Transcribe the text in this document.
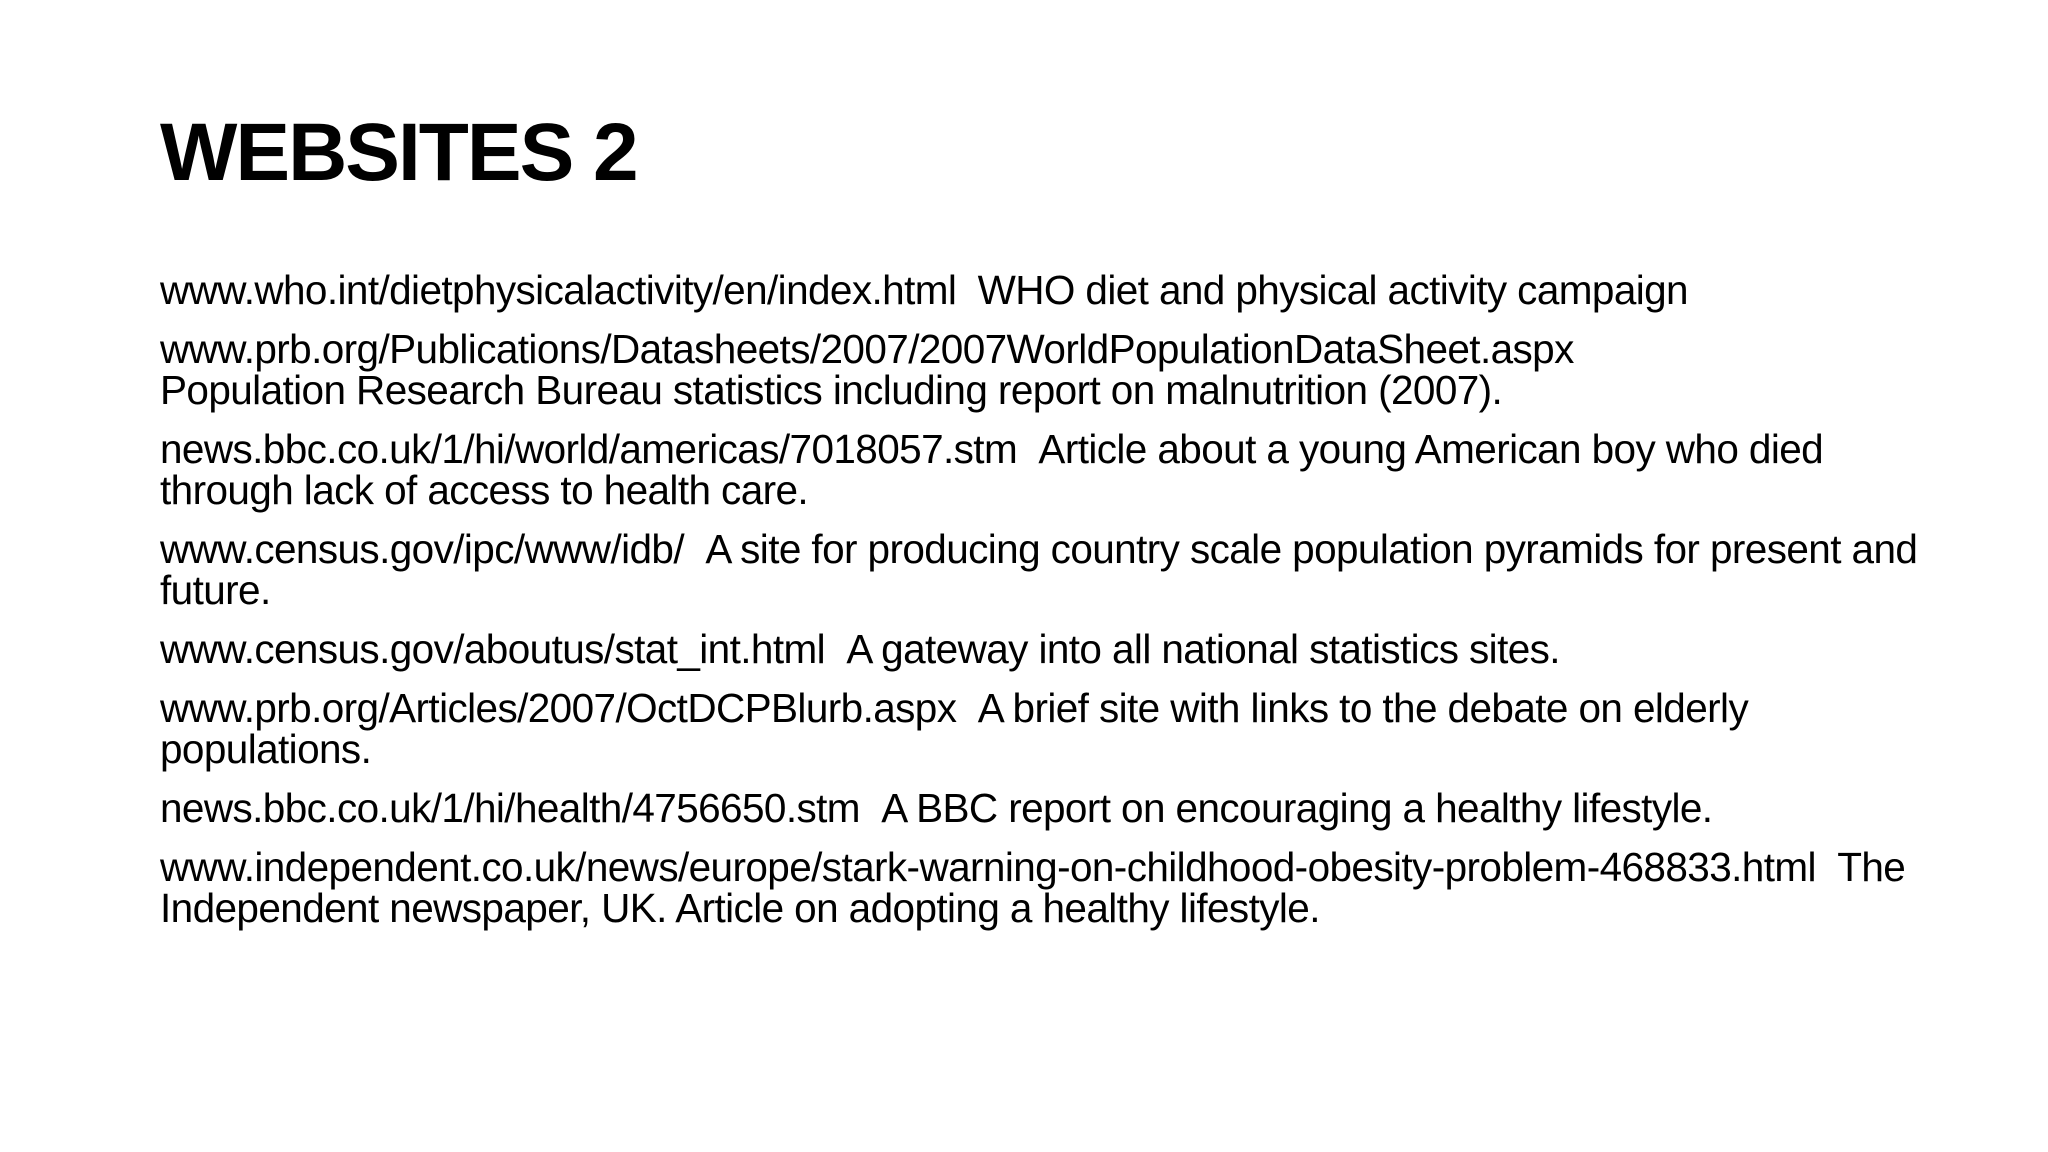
WEBSITES 2
www.who.int/dietphysicalactivity/en/index.html WHO diet and physical activity campaign
www.prb.org/Publications/Datasheets/2007/2007WorldPopulationDataSheet.aspx
Population Research Bureau statistics including report on malnutrition (2007).
news.bbc.co.uk/1/hi/world/americas/7018057.stm Article about a young American boy who died through lack of access to health care.
www.census.gov/ipc/www/idb/ A site for producing country scale population pyramids for present and future.
www.census.gov/aboutus/stat_int.html A gateway into all national statistics sites.
www.prb.org/Articles/2007/OctDCPBlurb.aspx A brief site with links to the debate on elderly populations.
news.bbc.co.uk/1/hi/health/4756650.stm A BBC report on encouraging a healthy lifestyle.
www.independent.co.uk/news/europe/stark-warning-on-childhood-obesity-problem-468833.html The Independent newspaper, UK. Article on adopting a healthy lifestyle.
